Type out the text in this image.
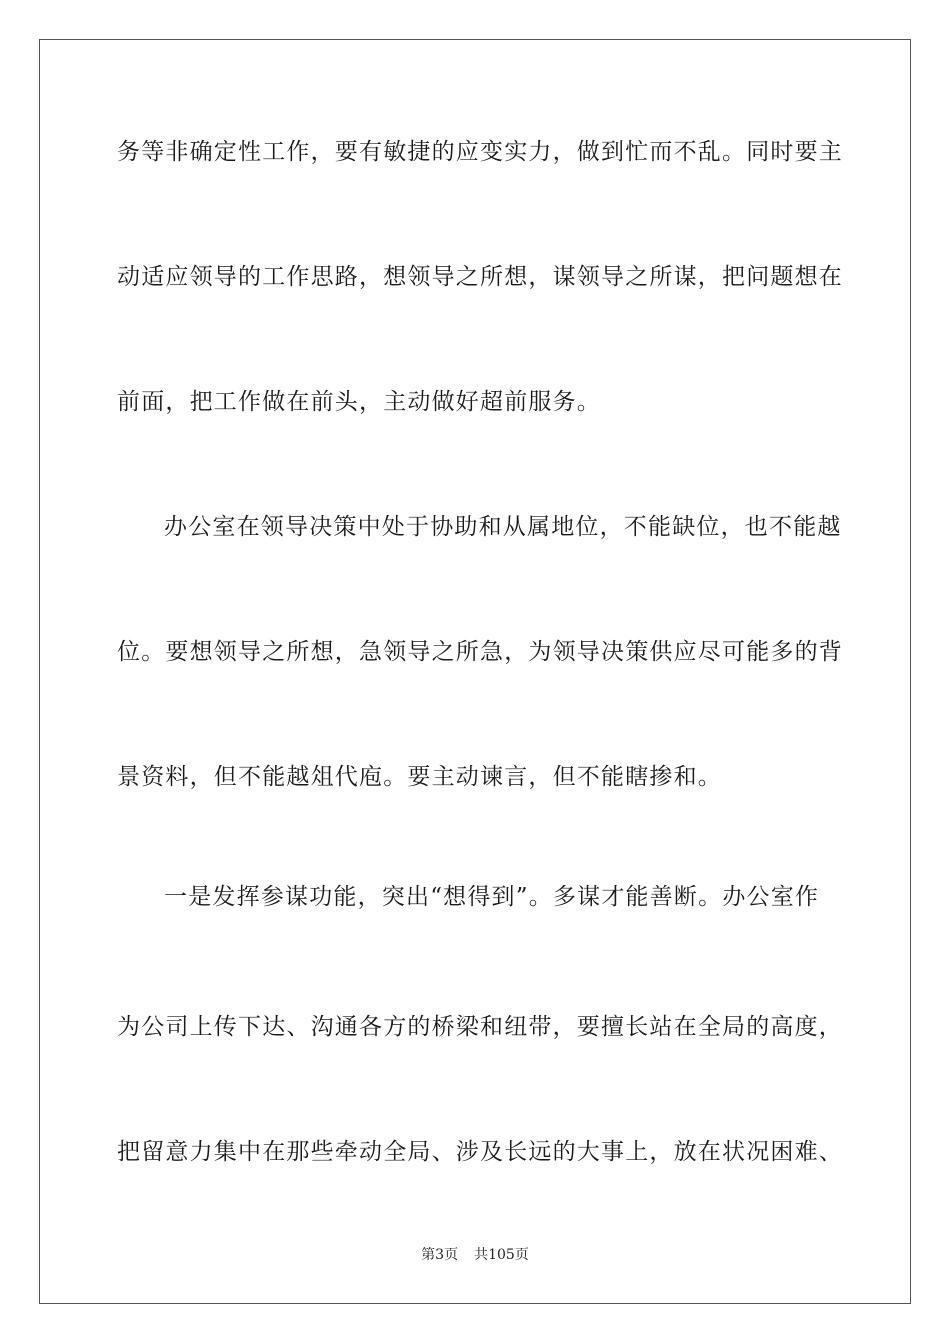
务等非确定性工作，要有敏捷的应变实力，做到忙而不乱。同时要主
动适应领导的工作思路，想领导之所想，谋领导之所谋，把问题想在
前面，把工作做在前头，主动做好超前服务。
办公室在领导决策中处于协助和从属地位，不能缺位，也不能越
位。要想领导之所想，急领导之所急，为领导决策供应尽可能多的背
景资料，但不能越俎代庖。要主动谏言，但不能瞎掺和。
一是发挥参谋功能，突出“想得到”。多谋才能善断。办公室作
为公司上传下达、沟通各方的桥梁和纽带，要擅长站在全局的高度，
把留意力集中在那些牵动全局、涉及长远的大事上，放在状况困难、
第3页 共105页
